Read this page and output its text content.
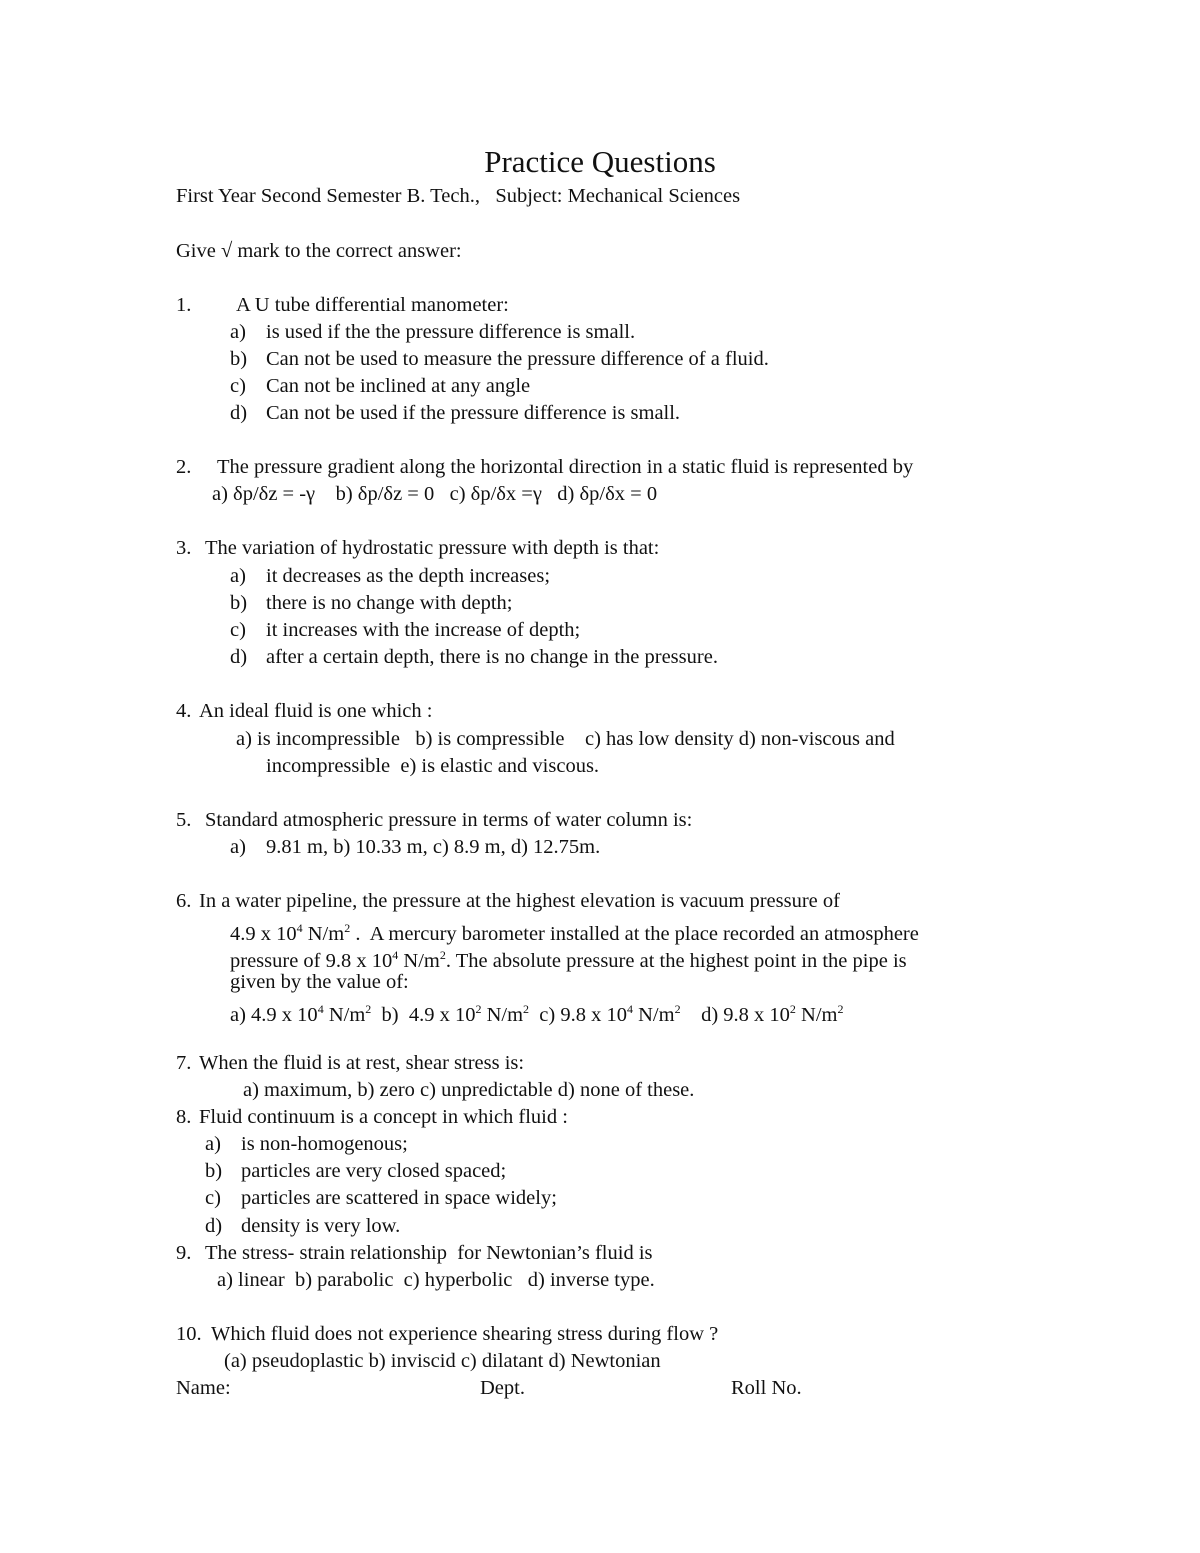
Practice Questions
First Year Second Semester B. Tech.,   Subject: Mechanical Sciences
Give √ mark to the correct answer:
1. A U tube differential manometer:
a) is used if the the pressure difference is small.
b) Can not be used to measure the pressure difference of a fluid.
c) Can not be inclined at any angle
d) Can not be used if the pressure difference is small.
2. The pressure gradient along the horizontal direction in a static fluid is represented by
a) δp/δz = -γ    b) δp/δz = 0   c) δp/δx =γ   d) δp/δx = 0
3. The variation of hydrostatic pressure with depth is that:
a) it decreases as the depth increases;
b) there is no change with depth;
c) it increases with the increase of depth;
d) after a certain depth, there is no change in the pressure.
4. An ideal fluid is one which :
a) is incompressible   b) is compressible    c) has low density d) non-viscous and
incompressible  e) is elastic and viscous.
5. Standard atmospheric pressure in terms of water column is:
a) 9.81 m, b) 10.33 m, c) 8.9 m, d) 12.75m.
6. In a water pipeline, the pressure at the highest elevation is vacuum pressure of
4.9 x $10^4$ $N/m^2$ .  A mercury barometer installed at the place recorded an atmosphere
pressure of 9.8 x $10^4$ $N/m^2$. The absolute pressure at the highest point in the pipe is
given by the value of:
a) 4.9 x $10^4$ $N/m^2$  b)  4.9 x $10^2$ $N/m^2$  c) 9.8 x $10^4$ $N/m^2$    d) 9.8 x $10^2$ $N/m^2$
7. When the fluid is at rest, shear stress is:
a) maximum, b) zero c) unpredictable d) none of these.
8. Fluid continuum is a concept in which fluid :
a) is non-homogenous;
b) particles are very closed spaced;
c) particles are scattered in space widely;
d) density is very low.
9. The stress- strain relationship  for Newtonian’s fluid is
a) linear  b) parabolic  c) hyperbolic   d) inverse type.
10. Which fluid does not experience shearing stress during flow ?
(a) pseudoplastic b) inviscid c) dilatant d) Newtonian
Name:	Dept.	Roll No.
